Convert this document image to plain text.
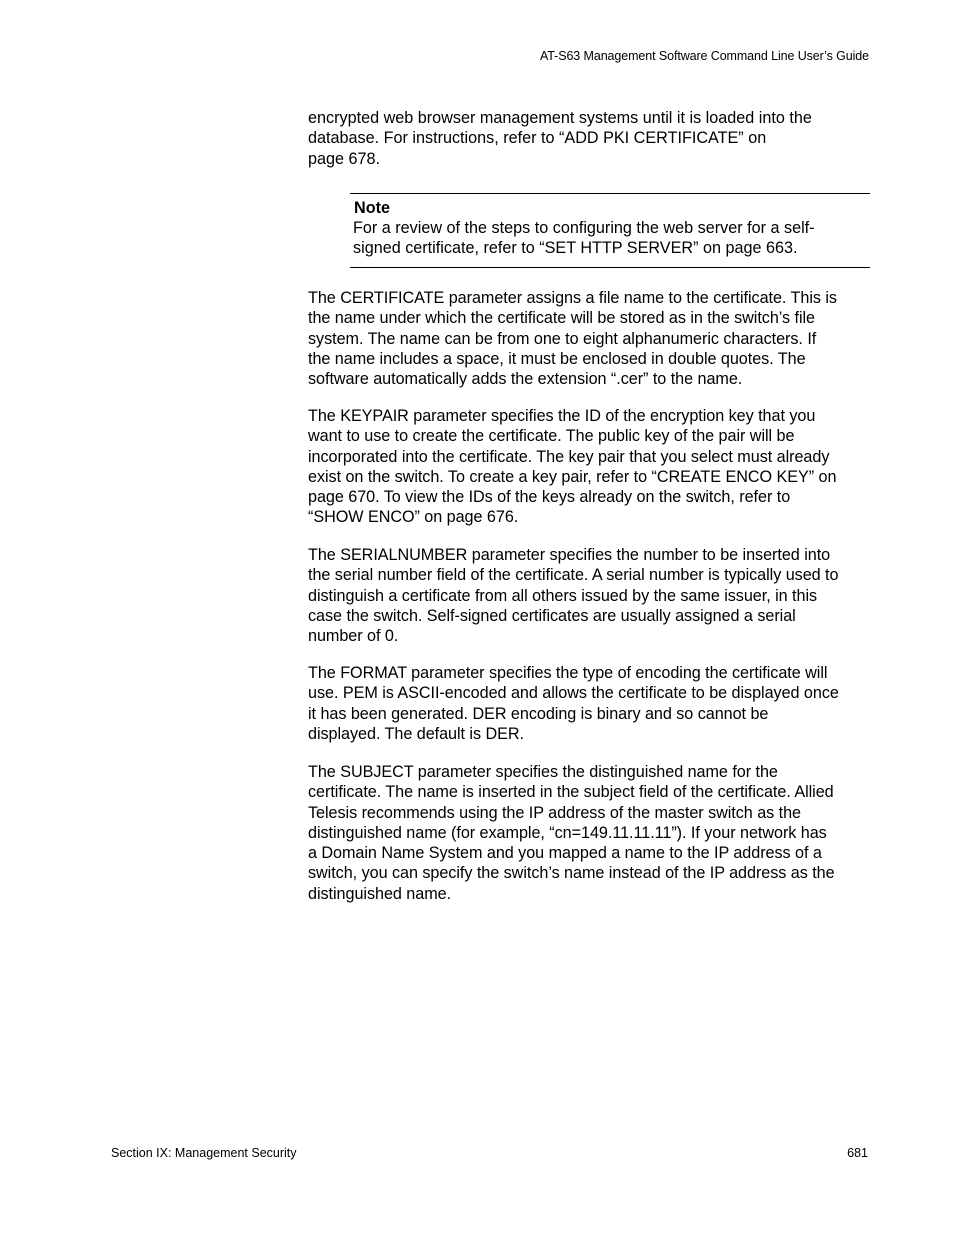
AT-S63 Management Software Command Line User’s Guide

encrypted web browser management systems until it is loaded into the
database. For instructions, refer to “ADD PKI CERTIFICATE” on
page 678.

Note

For a review of the steps to configuring the web server for a self-
signed certificate, refer to “SET HTTP SERVER” on page 663.

The CERTIFICATE parameter assigns a file name to the certificate. This is
the name under which the certificate will be stored as in the switch’s file
system. The name can be from one to eight alphanumeric characters. If
the name includes a space, it must be enclosed in double quotes. The
software automatically adds the extension “.cer” to the name.

The KEYPAIR parameter specifies the ID of the encryption key that you
want to use to create the certificate. The public key of the pair will be
incorporated into the certificate. The key pair that you select must already
exist on the switch. To create a key pair, refer to “CREATE ENCO KEY” on
page 670. To view the IDs of the keys already on the switch, refer to
“SHOW ENCO” on page 676.

The SERIALNUMBER parameter specifies the number to be inserted into
the serial number field of the certificate. A serial number is typically used to
distinguish a certificate from all others issued by the same issuer, in this
case the switch. Self-signed certificates are usually assigned a serial
number of 0.

The FORMAT parameter specifies the type of encoding the certificate will
use. PEM is ASCII-encoded and allows the certificate to be displayed once
it has been generated. DER encoding is binary and so cannot be
displayed. The default is DER.

The SUBJECT parameter specifies the distinguished name for the
certificate. The name is inserted in the subject field of the certificate. Allied
Telesis recommends using the IP address of the master switch as the
distinguished name (for example, “cn=149.11.11.11”). If your network has
a Domain Name System and you mapped a name to the IP address of a
switch, you can specify the switch’s name instead of the IP address as the
distinguished name.

Section IX: Management Security	681
